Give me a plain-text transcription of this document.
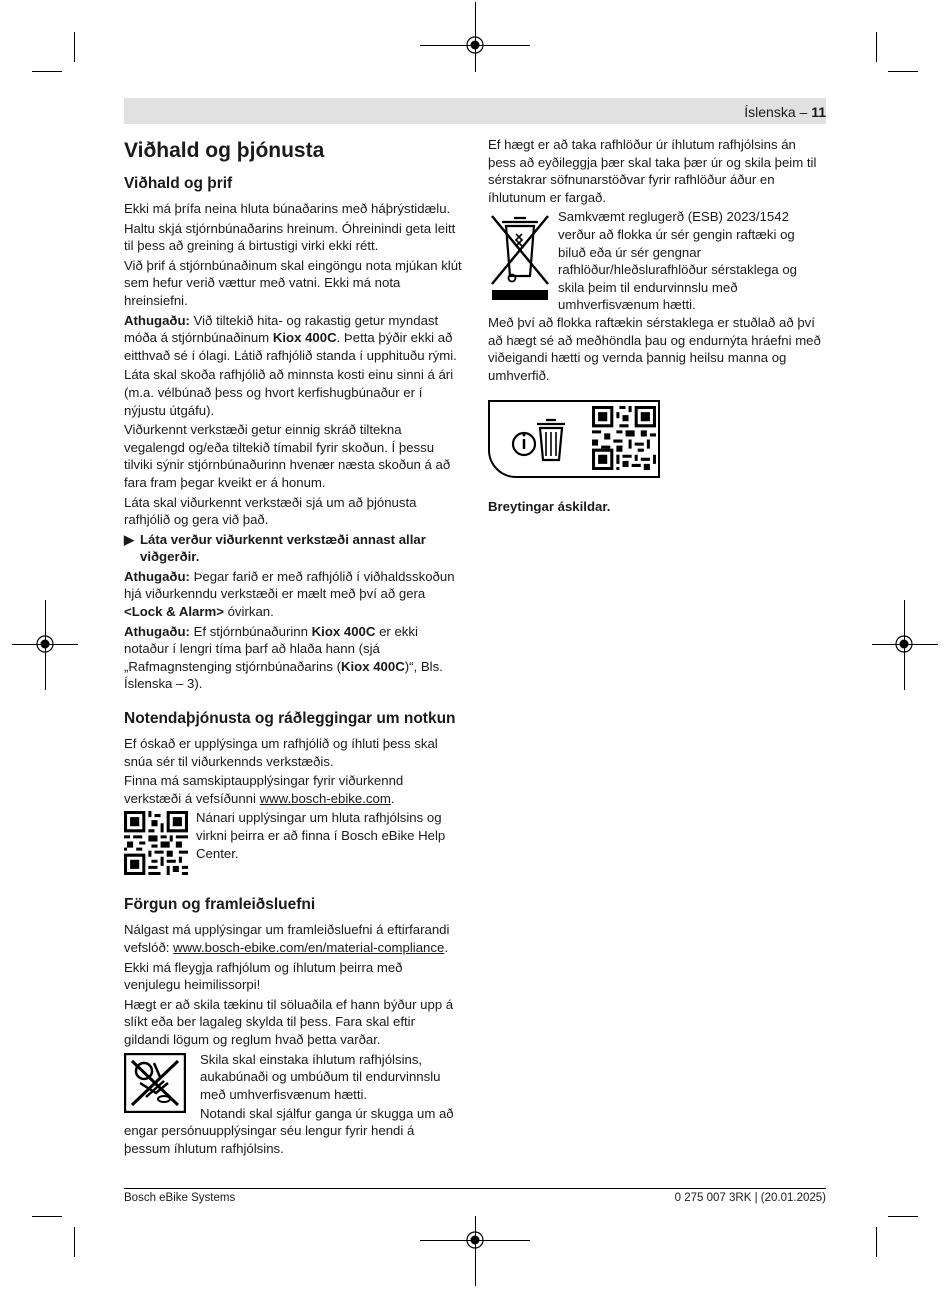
Íslenska – 11
Viðhald og þjónusta
Viðhald og þrif

Ekki má þrífa neina hluta búnaðarins með háþrýstidælu.

Haltu skjá stjórnbúnaðarins hreinum. Óhreinindi geta leitt til þess að greining á birtustigi virki ekki rétt.

Við þrif á stjórnbúnaðinum skal eingöngu nota mjúkan klút sem hefur verið vættur með vatni. Ekki má nota hreinsiefni.

Athugaðu: Við tiltekið hita- og rakastig getur myndast móða á stjórnbúnaðinum Kiox 400C. Þetta þýðir ekki að eitthvað sé í ólagi. Látið rafhjólið standa í upphituðu rými.

Láta skal skoða rafhjólið að minnsta kosti einu sinni á ári (m.a. vélbúnað þess og hvort kerfishugbúnaður er í nýjustu útgáfu).

Viðurkennt verkstæði getur einnig skráð tiltekna vegalengd og/eða tiltekið tímabil fyrir skoðun. Í þessu tilviki sýnir stjórnbúnaðurinn hvenær næsta skoðun á að fara fram þegar kveikt er á honum.

Láta skal viðurkennt verkstæði sjá um að þjónusta rafhjólið og gera við það.

▶ Láta verður viðurkennt verkstæði annast allar viðgerðir.

Athugaðu: Þegar farið er með rafhjólið í viðhaldsskoðun hjá viðurkenndu verkstæði er mælt með því að gera <Lock & Alarm> óvirkan.

Athugaðu: Ef stjórnbúnaðurinn Kiox 400C er ekki notaður í lengri tíma þarf að hlaða hann (sjá „Rafmagnstenging stjórnbúnaðarins (Kiox 400C)“, Bls. Íslenska – 3).

Notendaþjónusta og ráðleggingar um notkun

Ef óskað er upplýsinga um rafhjólið og íhluti þess skal snúa sér til viðurkennds verkstæðis.

Finna má samskiptaupplýsingar fyrir viðurkennd verkstæði á vefsíðunni www.bosch-ebike.com.

Nánari upplýsingar um hluta rafhjólsins og virkni þeirra er að finna í Bosch eBike Help Center.
Förgun og framleiðsluefni

Nálgast má upplýsingar um framleiðsluefni á eftirfarandi vefslóð: www.bosch-ebike.com/en/material-compliance.

Ekki má fleygja rafhjólum og íhlutum þeirra með venjulegu heimilissorpi!

Hægt er að skila tækinu til söluaðila ef hann býður upp á slíkt eða ber lagaleg skylda til þess. Fara skal eftir gildandi lögum og reglum hvað þetta varðar.

Skila skal einstaka íhlutum rafhjólsins, aukabúnaði og umbúðum til endurvinnslu með umhverfisvænum hætti.

Notandi skal sjálfur ganga úr skugga um að engar persónuupplýsingar séu lengur fyrir hendi á þessum íhlutum rafhjólsins.

Ef hægt er að taka rafhlöður úr íhlutum rafhjólsins án þess að eyðileggja þær skal taka þær úr og skila þeim til sérstakrar söfnunarstöðvar fyrir rafhlöður áður en íhlutunum er fargað.

Samkvæmt reglugerð (ESB) 2023/1542 verður að flokka úr sér gengin raftæki og biluð eða úr sér gengnar rafhlöður/hleðslurafhlöður sérstaklega og skila þeim til endurvinnslu með umhverfisvænum hætti.

Með því að flokka raftækin sérstaklega er stuðlað að því að hægt sé að meðhöndla þau og endurnýta hráefni með viðeigandi hætti og vernda þannig heilsu manna og umhverfið.

Breytingar áskildar.

Bosch eBike Systems	0 275 007 3RK | (20.01.2025)
